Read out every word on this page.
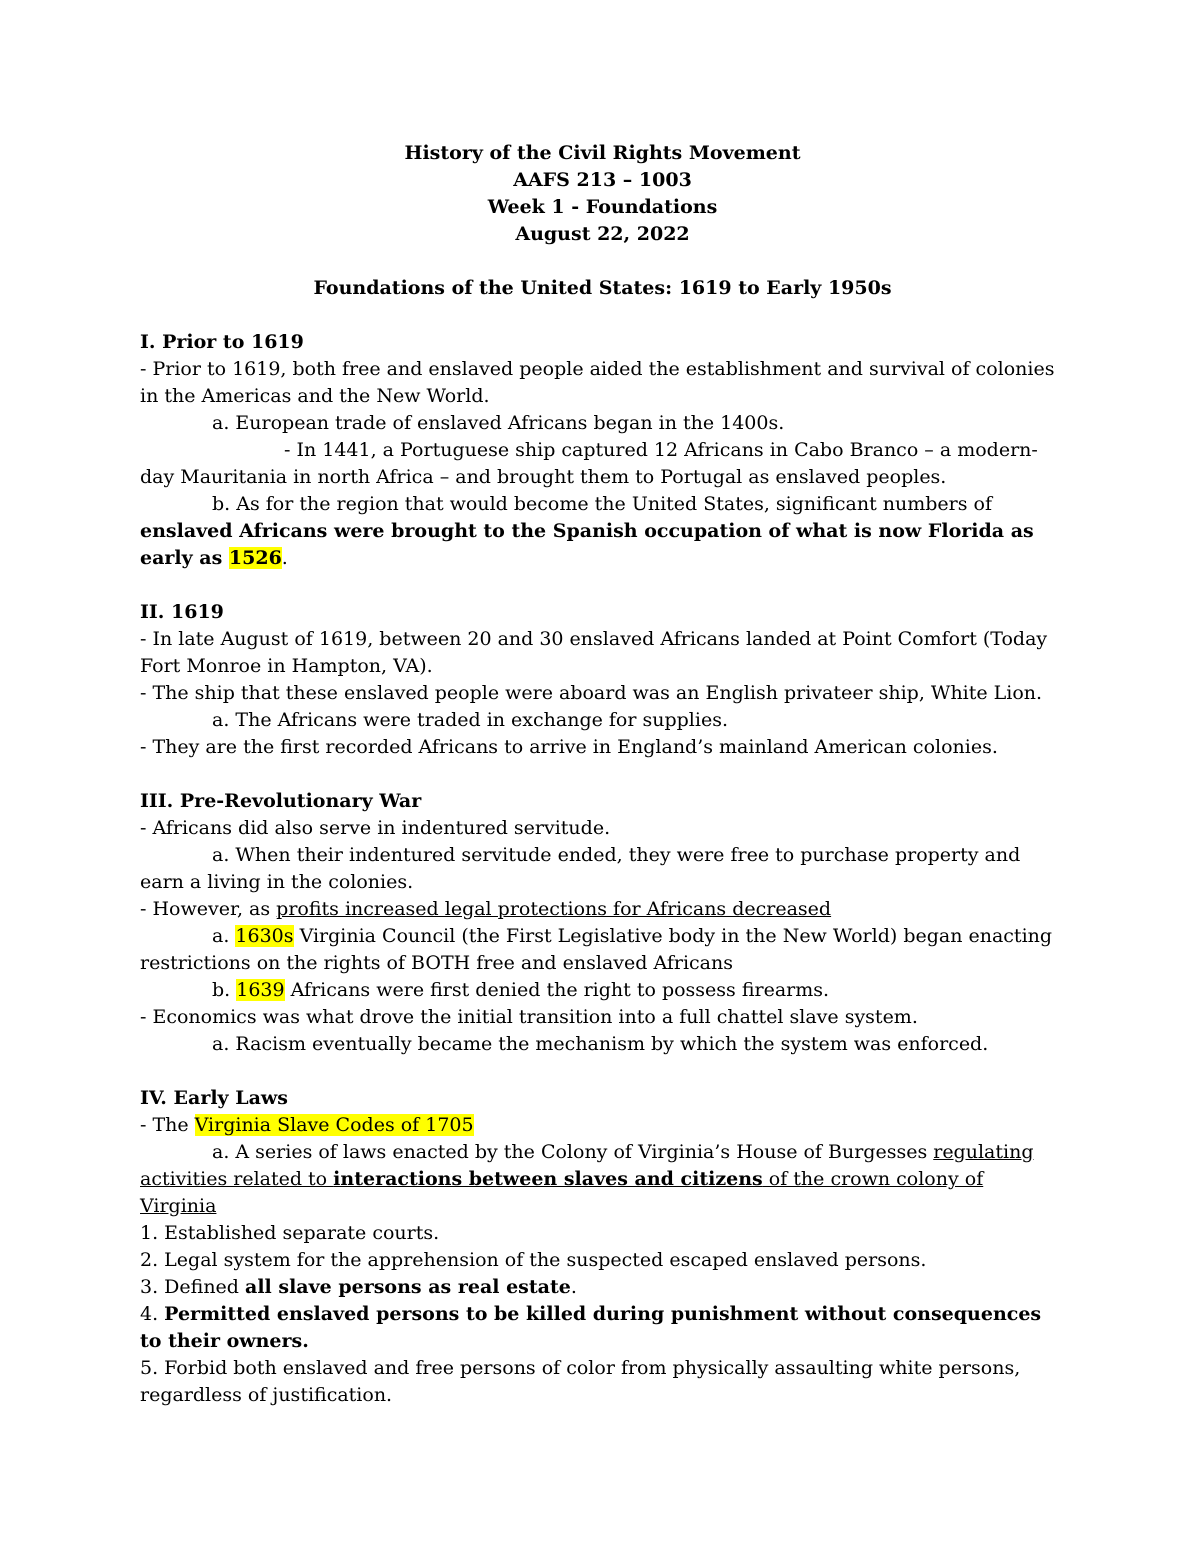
History of the Civil Rights Movement
AAFS 213 – 1003
Week 1 - Foundations
August 22, 2022
Foundations of the United States: 1619 to Early 1950s
I. Prior to 1619
- Prior to 1619, both free and enslaved people aided the establishment and survival of colonies in the Americas and the New World.
a. European trade of enslaved Africans began in the 1400s.
- In 1441, a Portuguese ship captured 12 Africans in Cabo Branco – a modern-day Mauritania in north Africa – and brought them to Portugal as enslaved peoples.
b. As for the region that would become the United States, significant numbers of
enslaved Africans were brought to the Spanish occupation of what is now Florida as early as 1526.
II. 1619
- In late August of 1619, between 20 and 30 enslaved Africans landed at Point Comfort (Today Fort Monroe in Hampton, VA).
- The ship that these enslaved people were aboard was an English privateer ship, White Lion.
a. The Africans were traded in exchange for supplies.
- They are the first recorded Africans to arrive in England’s mainland American colonies.
III. Pre-Revolutionary War
- Africans did also serve in indentured servitude.
a. When their indentured servitude ended, they were free to purchase property and earn a living in the colonies.
- However, as profits increased legal protections for Africans decreased
a. 1630s Virginia Council (the First Legislative body in the New World) began enacting restrictions on the rights of BOTH free and enslaved Africans
b. 1639 Africans were first denied the right to possess firearms.
- Economics was what drove the initial transition into a full chattel slave system.
a. Racism eventually became the mechanism by which the system was enforced.
IV. Early Laws
- The Virginia Slave Codes of 1705
a. A series of laws enacted by the Colony of Virginia’s House of Burgesses regulating activities related to interactions between slaves and citizens of the crown colony of Virginia
1. Established separate courts.
2. Legal system for the apprehension of the suspected escaped enslaved persons.
3. Defined all slave persons as real estate.
4. Permitted enslaved persons to be killed during punishment without consequences to their owners.
5. Forbid both enslaved and free persons of color from physically assaulting white persons, regardless of justification.
